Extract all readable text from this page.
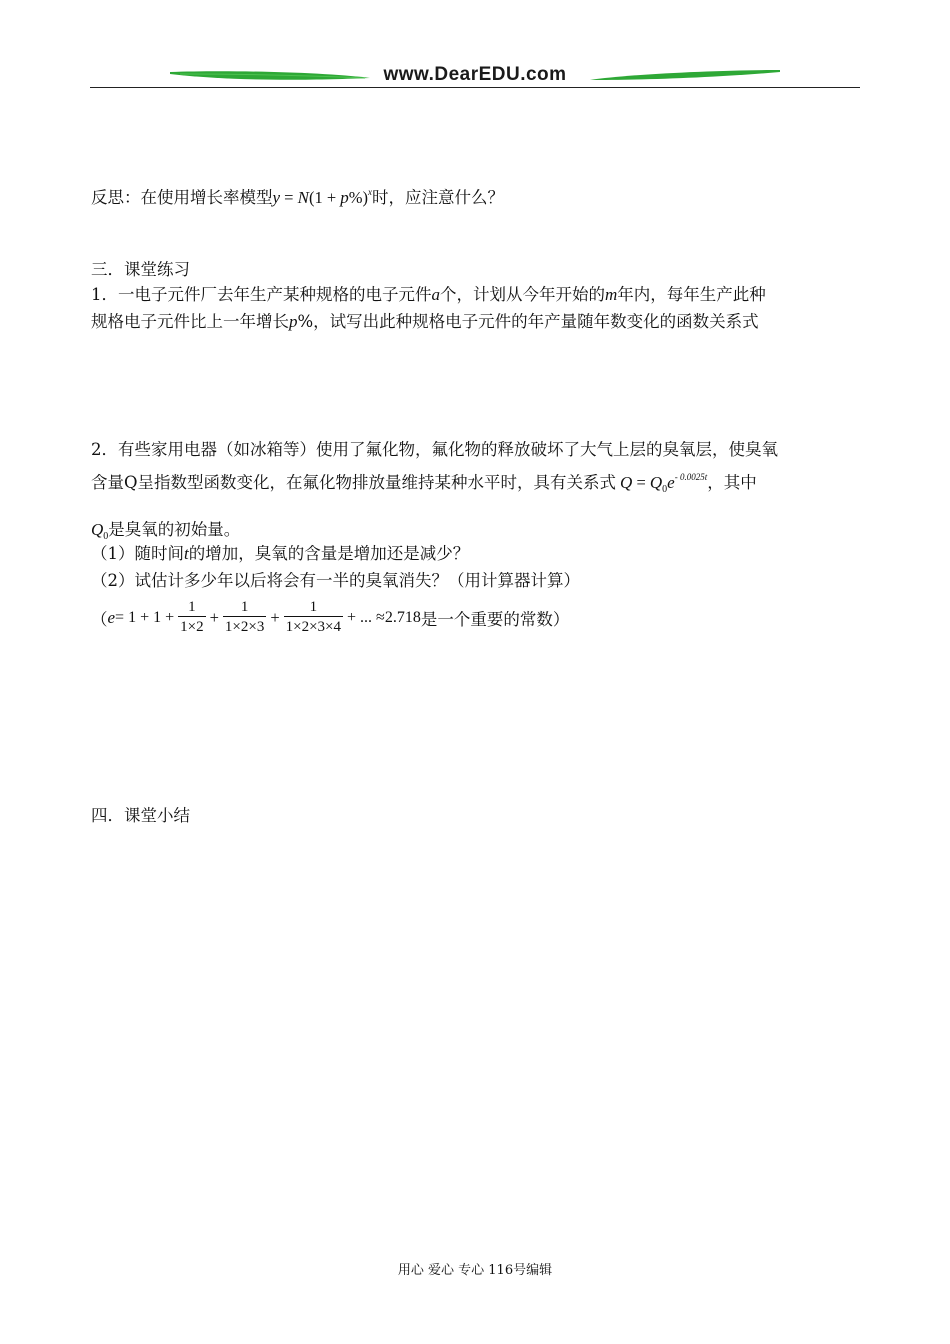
www.DearEDU.com
反思：在使用增长率模型$y = N(1 + p\%)^x$时，应注意什么？
三．课堂练习
1．一电子元件厂去年生产某种规格的电子元件a个，计划从今年开始的m年内，每年生产此种
规格电子元件比上一年增长p%，试写出此种规格电子元件的年产量随年数变化的函数关系式
2．有些家用电器（如冰箱等）使用了氟化物，氟化物的释放破坏了大气上层的臭氧层，使臭氧
含量Q呈指数型函数变化，在氟化物排放量维持某种水平时，具有关系式 $Q = Q_0e^{- 0.0025t}$，其中
$Q_0$是臭氧的初始量。
（1）随时间t的增加，臭氧的含量是增加还是减少？
（2）试估计多少年以后将会有一半的臭氧消失？（用计算器计算）
（ $e = 1 + 1 + \frac{1}{1\times 2} + \frac{1}{1\times 2\times 3} + \frac{1}{1\times 2\times 3\times 4}$ + ... ≈2.718 是一个重要的常数）
四．课堂小结
用心 爱心 专心 116号编辑
